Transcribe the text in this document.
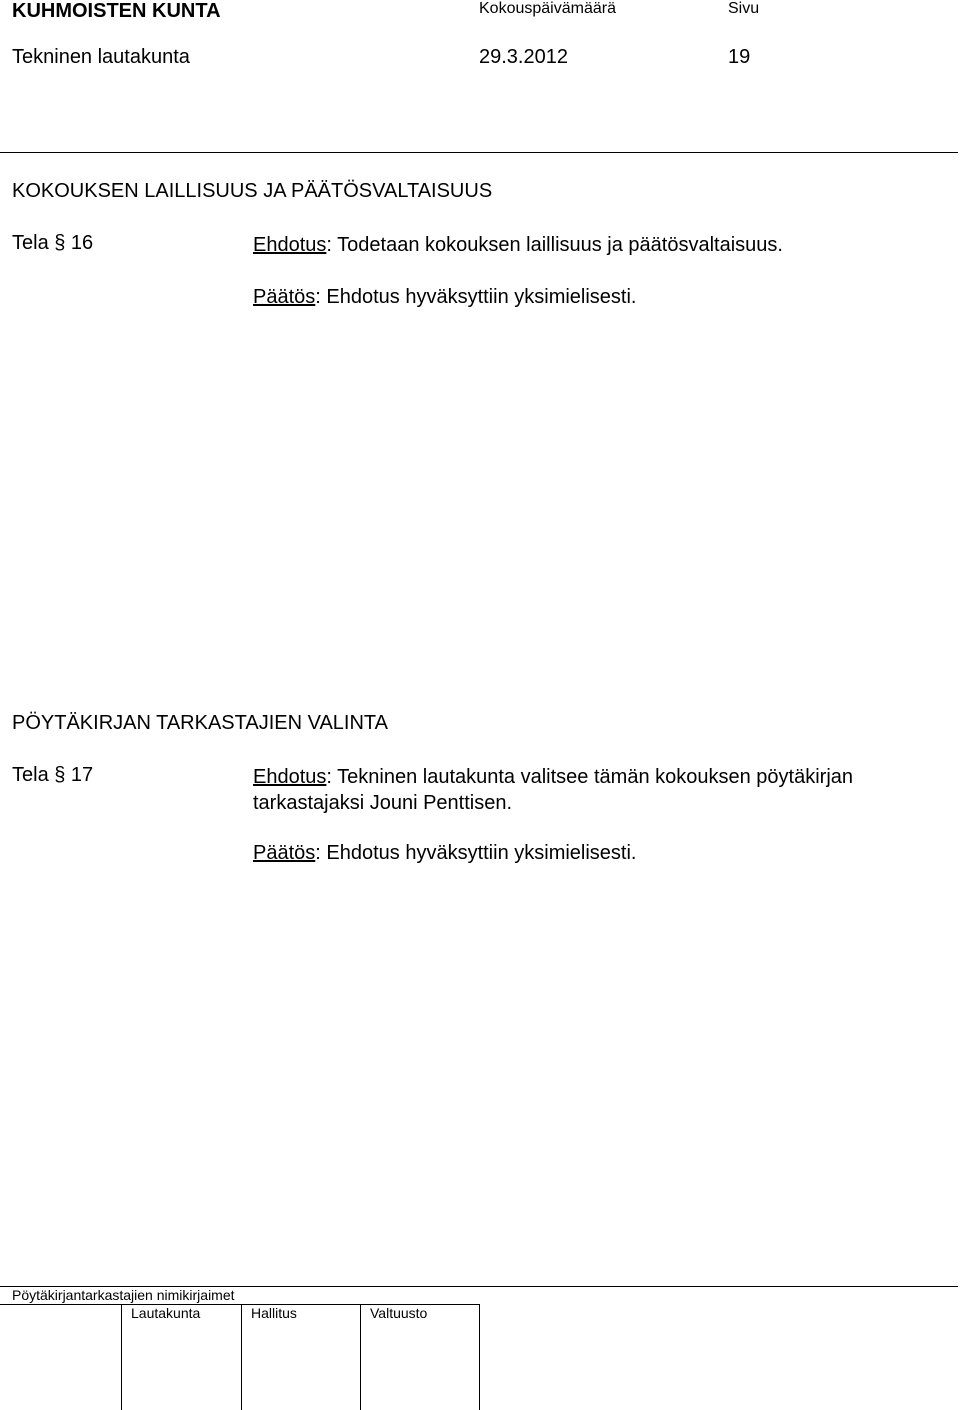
KUHMOISTEN KUNTA	Kokouspäivämäärä	Sivu
Tekninen lautakunta	29.3.2012	19
KOKOUKSEN LAILLISUUS JA PÄÄTÖSVALTAISUUS
Tela § 16	Ehdotus: Todetaan kokouksen laillisuus ja päätösvaltaisuus.
Päätös: Ehdotus hyväksyttiin yksimielisesti.
PÖYTÄKIRJAN TARKASTAJIEN VALINTA
Tela § 17	Ehdotus: Tekninen lautakunta valitsee tämän kokouksen pöytäkirjan tarkastajaksi Jouni Penttisen.
Päätös: Ehdotus hyväksyttiin yksimielisesti.
Pöytäkirjantarkastajien nimikirjaimet
Lautakunta	Hallitus	Valtuusto
